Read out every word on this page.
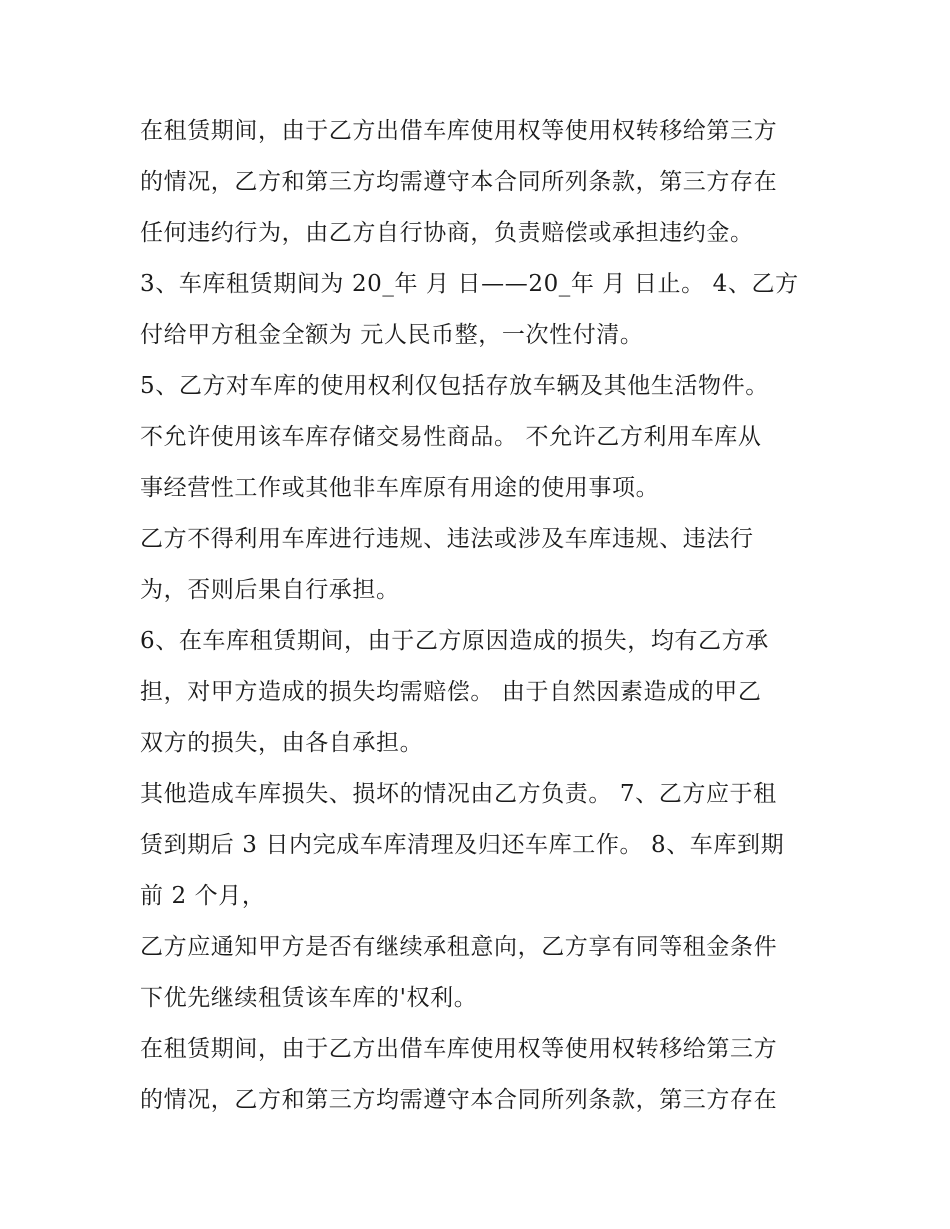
在租赁期间，由于乙方出借车库使用权等使用权转移给第三方
的情况，乙方和第三方均需遵守本合同所列条款，第三方存在
任何违约行为，由乙方自行协商，负责赔偿或承担违约金。
3、车库租赁期间为 20_年 月 日——20_年 月 日止。 4、乙方
付给甲方租金全额为 元人民币整，一次性付清。
5、乙方对车库的使用权利仅包括存放车辆及其他生活物件。
不允许使用该车库存储交易性商品。 不允许乙方利用车库从
事经营性工作或其他非车库原有用途的使用事项。
乙方不得利用车库进行违规、违法或涉及车库违规、违法行
为，否则后果自行承担。
6、在车库租赁期间，由于乙方原因造成的损失，均有乙方承
担，对甲方造成的损失均需赔偿。 由于自然因素造成的甲乙
双方的损失，由各自承担。
其他造成车库损失、损坏的情况由乙方负责。 7、乙方应于租
赁到期后 3 日内完成车库清理及归还车库工作。 8、车库到期
前 2 个月，
乙方应通知甲方是否有继续承租意向，乙方享有同等租金条件
下优先继续租赁该车库的'权利。
在租赁期间，由于乙方出借车库使用权等使用权转移给第三方
的情况，乙方和第三方均需遵守本合同所列条款，第三方存在
